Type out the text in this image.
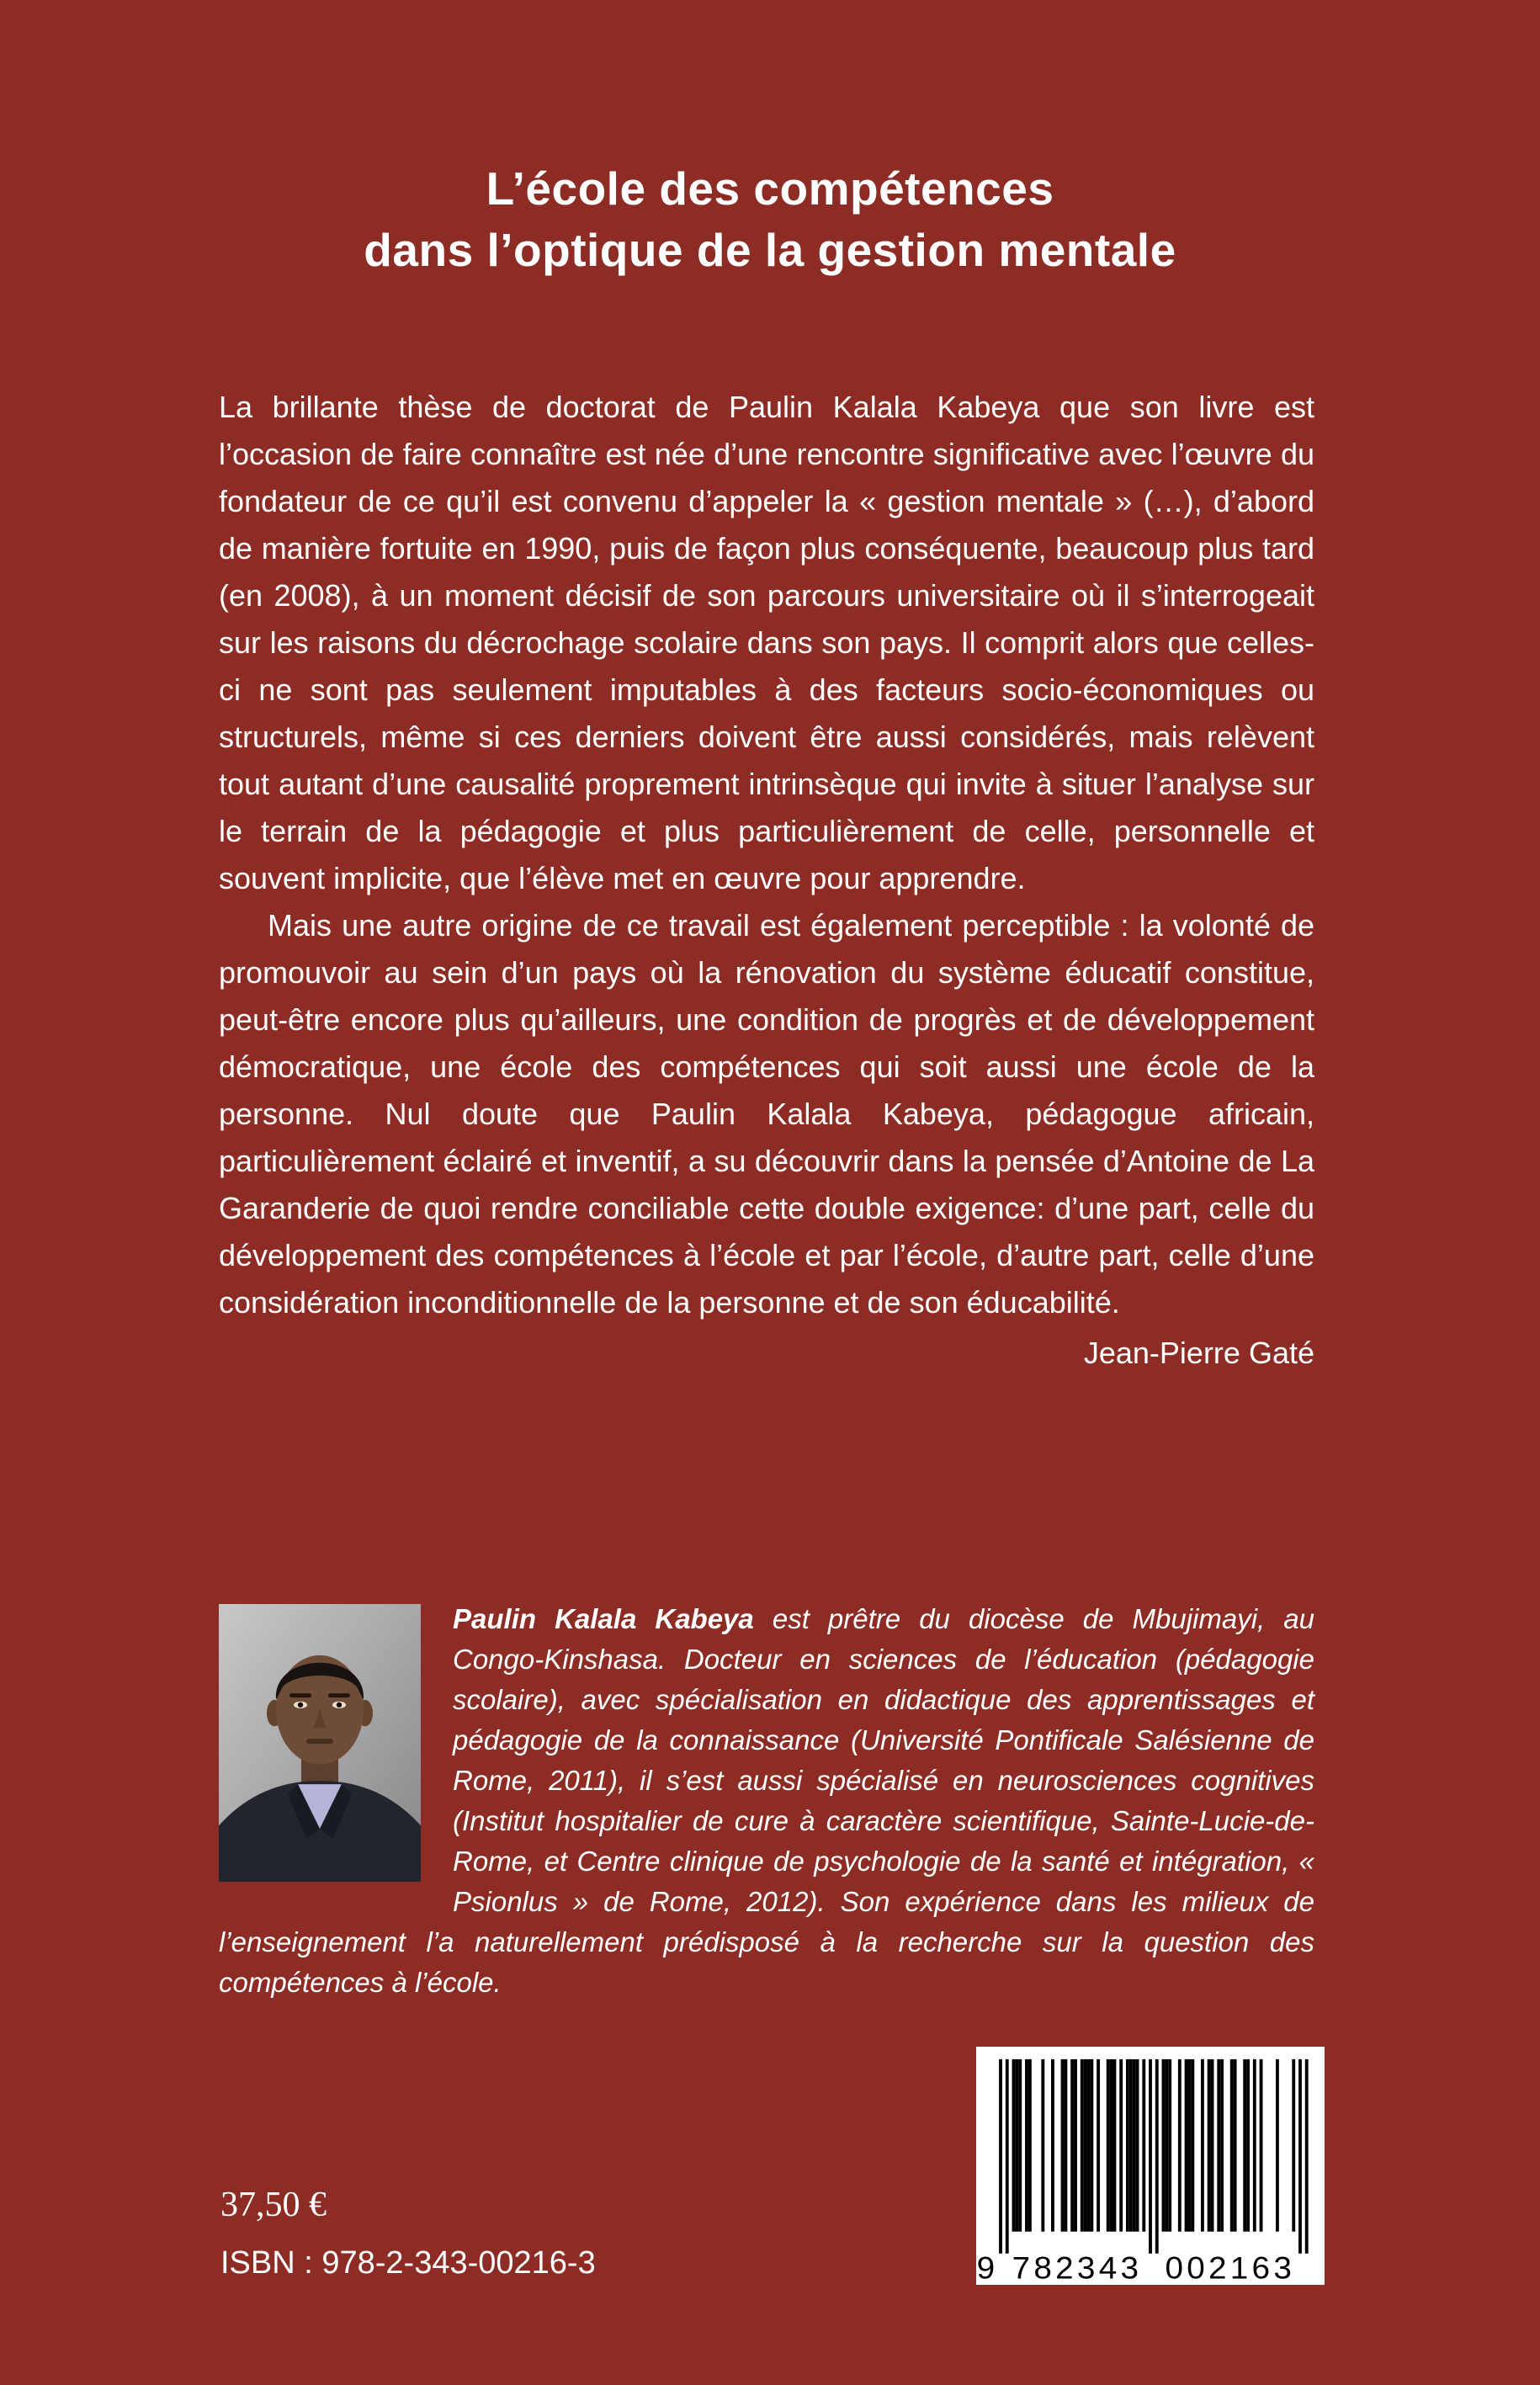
L’école des compétences
dans l’optique de la gestion mentale

La brillante thèse de doctorat de Paulin Kalala Kabeya que son livre est l’occasion de faire connaître est née d’une rencontre significative avec l’œuvre du fondateur de ce qu’il est convenu d’appeler la « gestion mentale » (…), d’abord de manière fortuite en 1990, puis de façon plus conséquente, beaucoup plus tard (en 2008), à un moment décisif de son parcours universitaire où il s’interrogeait sur les raisons du décrochage scolaire dans son pays. Il comprit alors que celles-ci ne sont pas seulement imputables à des facteurs socio-économiques ou structurels, même si ces derniers doivent être aussi considérés, mais relèvent tout autant d’une causalité proprement intrinsèque qui invite à situer l’analyse sur le terrain de la pédagogie et plus particulièrement de celle, personnelle et souvent implicite, que l’élève met en œuvre pour apprendre.

Mais une autre origine de ce travail est également perceptible : la volonté de promouvoir au sein d’un pays où la rénovation du système éducatif constitue, peut-être encore plus qu’ailleurs, une condition de progrès et de développement démocratique, une école des compétences qui soit aussi une école de la personne. Nul doute que Paulin Kalala Kabeya, pédagogue africain, particulièrement éclairé et inventif, a su découvrir dans la pensée d’Antoine de La Garanderie de quoi rendre conciliable cette double exigence: d’une part, celle du développement des compétences à l’école et par l’école, d’autre part, celle d’une considération inconditionnelle de la personne et de son éducabilité.

Jean-Pierre Gaté

Paulin Kalala Kabeya est prêtre du diocèse de Mbujimayi, au Congo-Kinshasa. Docteur en sciences de l’éducation (pédagogie scolaire), avec spécialisation en didactique des apprentissages et pédagogie de la connaissance (Université Pontificale Salésienne de Rome, 2011), il s’est aussi spécialisé en neurosciences cognitives (Institut hospitalier de cure à caractère scientifique, Sainte-Lucie-de-Rome, et Centre clinique de psychologie de la santé et intégration, « Psionlus » de Rome, 2012). Son expérience dans les milieux de l’enseignement l’a naturellement prédisposé à la recherche sur la question des compétences à l’école.
37,50 €
ISBN : 978-2-343-00216-3	9 782343	002163
